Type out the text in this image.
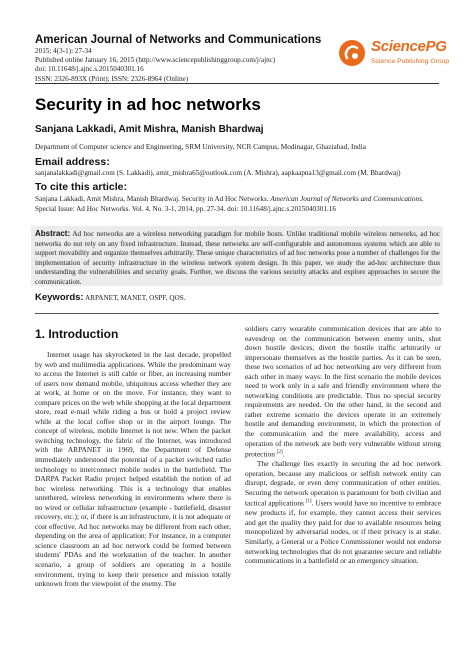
American Journal of Networks and Communications
2015; 4(3-1): 27-34
Published online January 16, 2015 (http://www.sciencepublishinggroup.com/j/ajnc)
doi: 10.11648/j.ajnc.s.2015040301.16
ISSN: 2326-893X (Print); ISSN: 2326-8964 (Online)
SciencePG
Science Publishing Group
Security in ad hoc networks
Sanjana Lakkadi, Amit Mishra, Manish Bhardwaj
Department of Computer science and Engineering, SRM University, NCR Campus, Modinagar, Ghaziabad, India
Email address:
sanjanalakkadi@gmail.com (S. Lakkadi), amit_mishra65@outlook.com (A. Mishra), aapkaapna13@gmail.com (M. Bhardwaj)
To cite this article:
Sanjana Lakkadi, Amit Mishra, Manish Bhardwaj. Security in Ad Hoc Networks. American Journal of Networks and Communications. Special Issue: Ad Hoc Networks. Vol. 4, No. 3-1, 2014, pp. 27-34. doi: 10.11648/j.ajnc.s.2015040301.16
Abstract: Ad hoc networks are a wireless networking paradigm for mobile hosts. Unlike traditional mobile wireless networks, ad hoc networks do not rely on any fixed infrastructure. Instead, these networks are self-configurable and autonomous systems which are able to support movability and organize themselves arbitrarily. These unique characteristics of ad hoc networks pose a number of challenges for the implementation of security infrastructure in the wireless network system design. In this paper, we study the ad-hoc architecture thus understanding the vulnerabilities and security goals. Further, we discuss the various security attacks and explore approaches to secure the communication.
Keywords: ARPANET, MANET, OSPF, QOS.
1. Introduction
Internet usage has skyrocketed in the last decade, propelled by web and multimedia applications. While the predominant way to access the Internet is still cable or fiber, an increasing number of users now demand mobile, ubiquitous access whether they are at work, at home or on the move. For instance, they want to compare prices on the web while shopping at the local department store, read e-mail while riding a bus or hold a project review while at the local coffee shop or in the airport lounge. The concept of wireless, mobile Internet is not new. When the packet switching technology, the fabric of the Internet, was introduced with the ARPANET in 1969, the Department of Defense immediately understood the potential of a packet switched radio technology to interconnect mobile nodes in the battlefield. The DARPA Packet Radio project helped establish the notion of ad hoc wireless networking. This is a technology that enables untethered, wireless networking in environments where there is no wired or cellular infrastructure (example - battlefield, disaster recovery, etc.); or, if there is an infrastructure, it is not adequate or cost effective. Ad hoc networks may be different from each other, depending on the area of application: For instance, in a computer science classroom an ad hoc network could be formed between students' PDAs and the workstation of the teacher. In another scenario, a group of soldiers are operating in a hostile environment, trying to keep their presence and mission totally unknown from the viewpoint of the enemy. The

soldiers carry wearable communication devices that are able to eavesdrop on the communication between enemy units, shut down hostile devices, divert the hostile traffic arbitrarily or impersonate themselves as the hostile parties. As it can be seen, these two scenarios of ad hoc networking are very different from each other in many ways: In the first scenario the mobile devices need to work only in a safe and friendly environment where the networking conditions are predictable. Thus no special security requirements are needed. On the other hand, in the second and rather extreme scenario the devices operate in an extremely hostile and demanding environment, in which the protection of the communication and the mere availability, access and operation of the network are both very vulnerable without strong protection [2].

The challenge lies exactly in securing the ad hoc network operation, because any malicious or selfish network entity can disrupt, degrade, or even deny communication of other entities. Securing the network operation is paramount for both civilian and tactical applications [1]. Users would have no incentive to embrace new products if, for example, they cannot access their services and get the quality they paid for due to available resources being monopolized by adversarial nodes, or if their privacy is at stake. Similarly, a General or a Police Commissioner would not endorse networking technologies that do not guarantee secure and reliable communications in a battlefield or an emergency situation.
